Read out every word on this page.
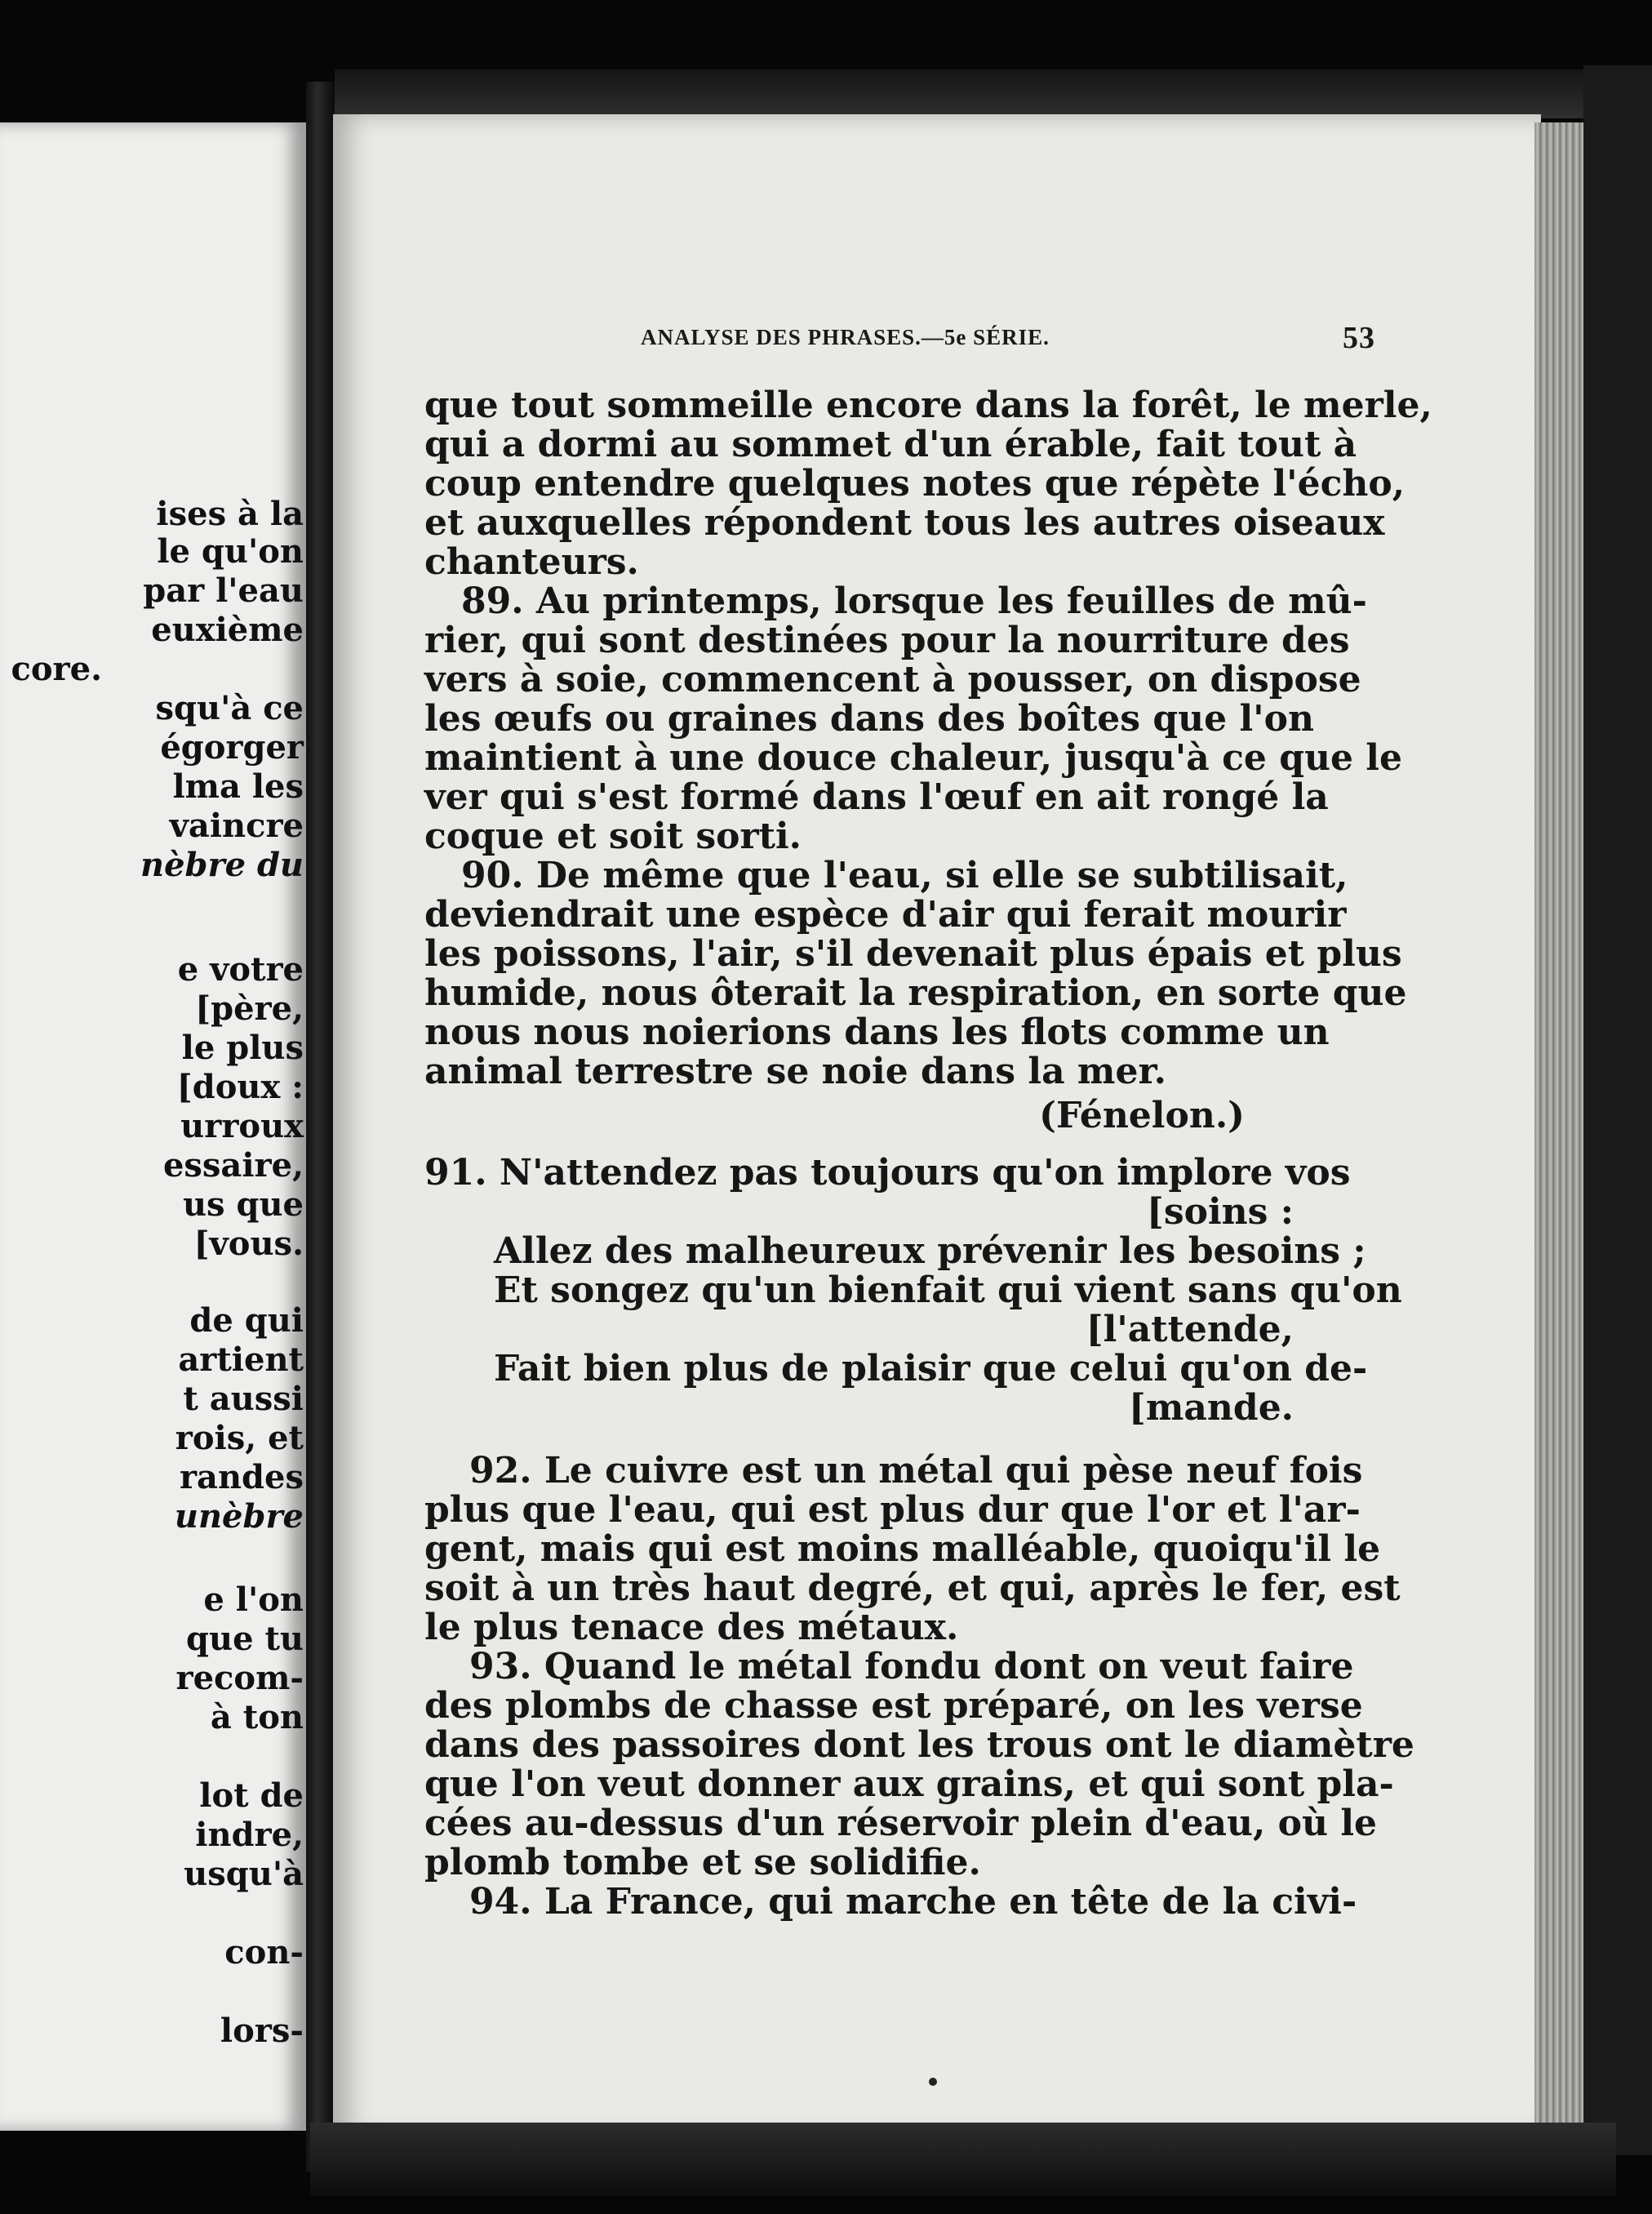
ises à la
le qu'on
par l'eau
euxième
core.
squ'à ce
égorger
lma les
vaincre
nèbre du
e votre
[père,
le plus
[doux :
urroux
essaire,
us que
[vous.
de qui
artient
t aussi
rois, et
randes
unèbre
e l'on
que tu
recom-
à ton
lot de
indre,
usqu'à
con-
lors-
ANALYSE DES PHRASES.—5e SÉRIE.	53
que tout sommeille encore dans la forêt, le merle,
qui a dormi au sommet d'un érable, fait tout à
coup entendre quelques notes que répète l'écho,
et auxquelles répondent tous les autres oiseaux
chanteurs.
89. Au printemps, lorsque les feuilles de mû-
rier, qui sont destinées pour la nourriture des
vers à soie, commencent à pousser, on dispose
les œufs ou graines dans des boîtes que l'on
maintient à une douce chaleur, jusqu'à ce que le
ver qui s'est formé dans l'œuf en ait rongé la
coque et soit sorti.
90. De même que l'eau, si elle se subtilisait,
deviendrait une espèce d'air qui ferait mourir
les poissons, l'air, s'il devenait plus épais et plus
humide, nous ôterait la respiration, en sorte que
nous nous noierions dans les flots comme un
animal terrestre se noie dans la mer.
(Fénelon.)
91. N'attendez pas toujours qu'on implore vos
[soins :
Allez des malheureux prévenir les besoins ;
Et songez qu'un bienfait qui vient sans qu'on
[l'attende,
Fait bien plus de plaisir que celui qu'on de-
[mande.
92. Le cuivre est un métal qui pèse neuf fois
plus que l'eau, qui est plus dur que l'or et l'ar-
gent, mais qui est moins malléable, quoiqu'il le
soit à un très haut degré, et qui, après le fer, est
le plus tenace des métaux.
93. Quand le métal fondu dont on veut faire
des plombs de chasse est préparé, on les verse
dans des passoires dont les trous ont le diamètre
que l'on veut donner aux grains, et qui sont pla-
cées au-dessus d'un réservoir plein d'eau, où le
plomb tombe et se solidifie.
94. La France, qui marche en tête de la civi-
